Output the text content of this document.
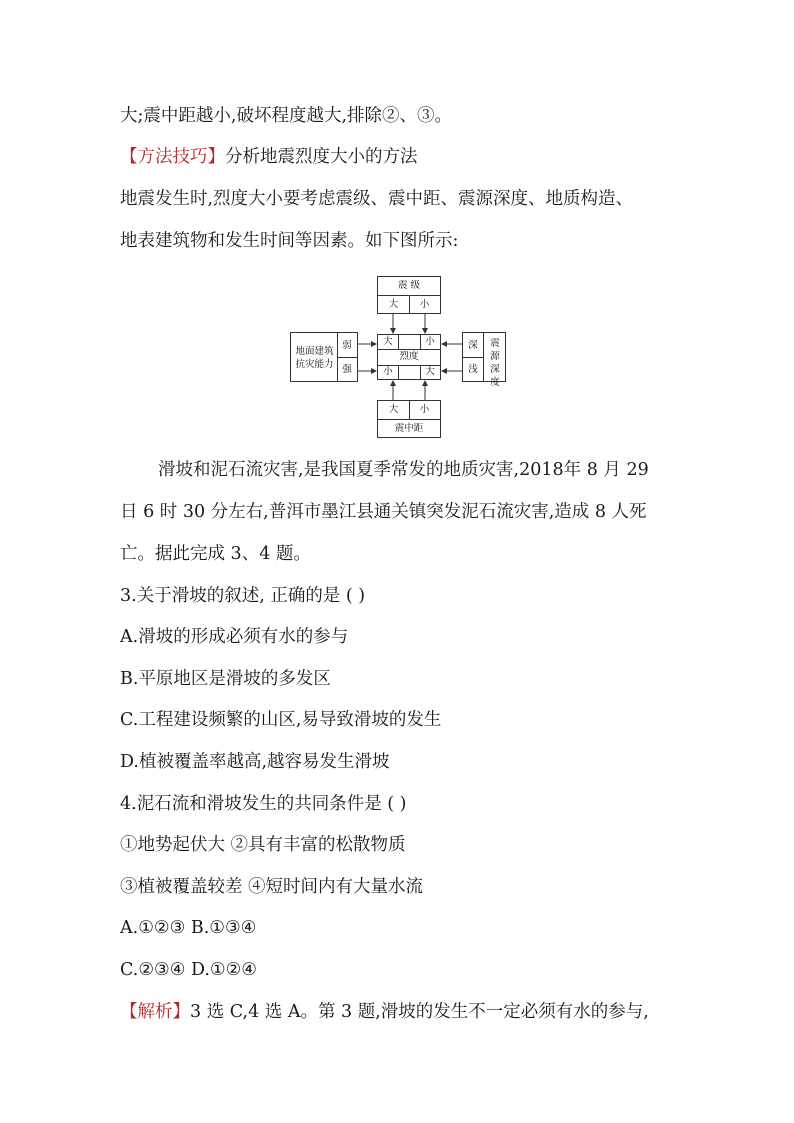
大;震中距越小,破坏程度越大,排除②、③。
【方法技巧】分析地震烈度大小的方法
地震发生时,烈度大小要考虑震级、震中距、震源深度、地质构造、
地表建筑物和发生时间等因素。如下图所示:
震 级
大	小
大	小
烈度
小	大
地面建筑
抗灾能力
弱
强
深
浅
震源深度
大	小
震中距
滑坡和泥石流灾害,是我国夏季常发的地质灾害,2018年 8 月 29
日 6 时 30 分左右,普洱市墨江县通关镇突发泥石流灾害,造成 8 人死
亡。据此完成 3、4 题。
3.关于滑坡的叙述, 正确的是 ( )
A.滑坡的形成必须有水的参与
B.平原地区是滑坡的多发区
C.工程建设频繁的山区,易导致滑坡的发生
D.植被覆盖率越高,越容易发生滑坡
4.泥石流和滑坡发生的共同条件是 ( )
①地势起伏大 ②具有丰富的松散物质
③植被覆盖较差 ④短时间内有大量水流
A.①②③ B.①③④
C.②③④ D.①②④
【解析】3 选 C,4 选 A。第 3 题,滑坡的发生不一定必须有水的参与,
